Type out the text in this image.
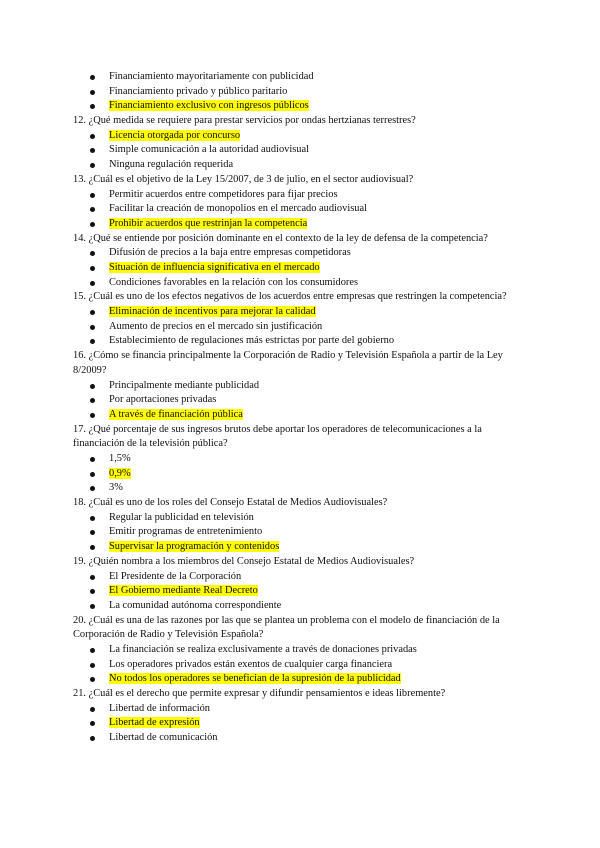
Financiamiento mayoritariamente con publicidad
Financiamiento privado y público paritario
Financiamiento exclusivo con ingresos públicos
12. ¿Qué medida se requiere para prestar servicios por ondas hertzianas terrestres?
Licencia otorgada por concurso
Simple comunicación a la autoridad audiovisual
Ninguna regulación requerida
13. ¿Cuál es el objetivo de la Ley 15/2007, de 3 de julio, en el sector audiovisual?
Permitir acuerdos entre competidores para fijar precios
Facilitar la creación de monopolios en el mercado audiovisual
Prohibir acuerdos que restrinjan la competencia
14. ¿Qué se entiende por posición dominante en el contexto de la ley de defensa de la competencia?
Difusión de precios a la baja entre empresas competidoras
Situación de influencia significativa en el mercado
Condiciones favorables en la relación con los consumidores
15. ¿Cuál es uno de los efectos negativos de los acuerdos entre empresas que restringen la competencia?
Eliminación de incentivos para mejorar la calidad
Aumento de precios en el mercado sin justificación
Establecimiento de regulaciones más estrictas por parte del gobierno
16. ¿Cómo se financia principalmente la Corporación de Radio y Televisión Española a partir de la Ley 8/2009?
Principalmente mediante publicidad
Por aportaciones privadas
A través de financiación pública
17. ¿Qué porcentaje de sus ingresos brutos debe aportar los operadores de telecomunicaciones a la financiación de la televisión pública?
1,5%
0,9%
3%
18. ¿Cuál es uno de los roles del Consejo Estatal de Medios Audiovisuales?
Regular la publicidad en televisión
Emitir programas de entretenimiento
Supervisar la programación y contenidos
19. ¿Quién nombra a los miembros del Consejo Estatal de Medios Audiovisuales?
El Presidente de la Corporación
El Gobierno mediante Real Decreto
La comunidad autónoma correspondiente
20. ¿Cuál es una de las razones por las que se plantea un problema con el modelo de financiación de la Corporación de Radio y Televisión Española?
La financiación se realiza exclusivamente a través de donaciones privadas
Los operadores privados están exentos de cualquier carga financiera
No todos los operadores se benefician de la supresión de la publicidad
21. ¿Cuál es el derecho que permite expresar y difundir pensamientos e ideas libremente?
Libertad de información
Libertad de expresión
Libertad de comunicación
